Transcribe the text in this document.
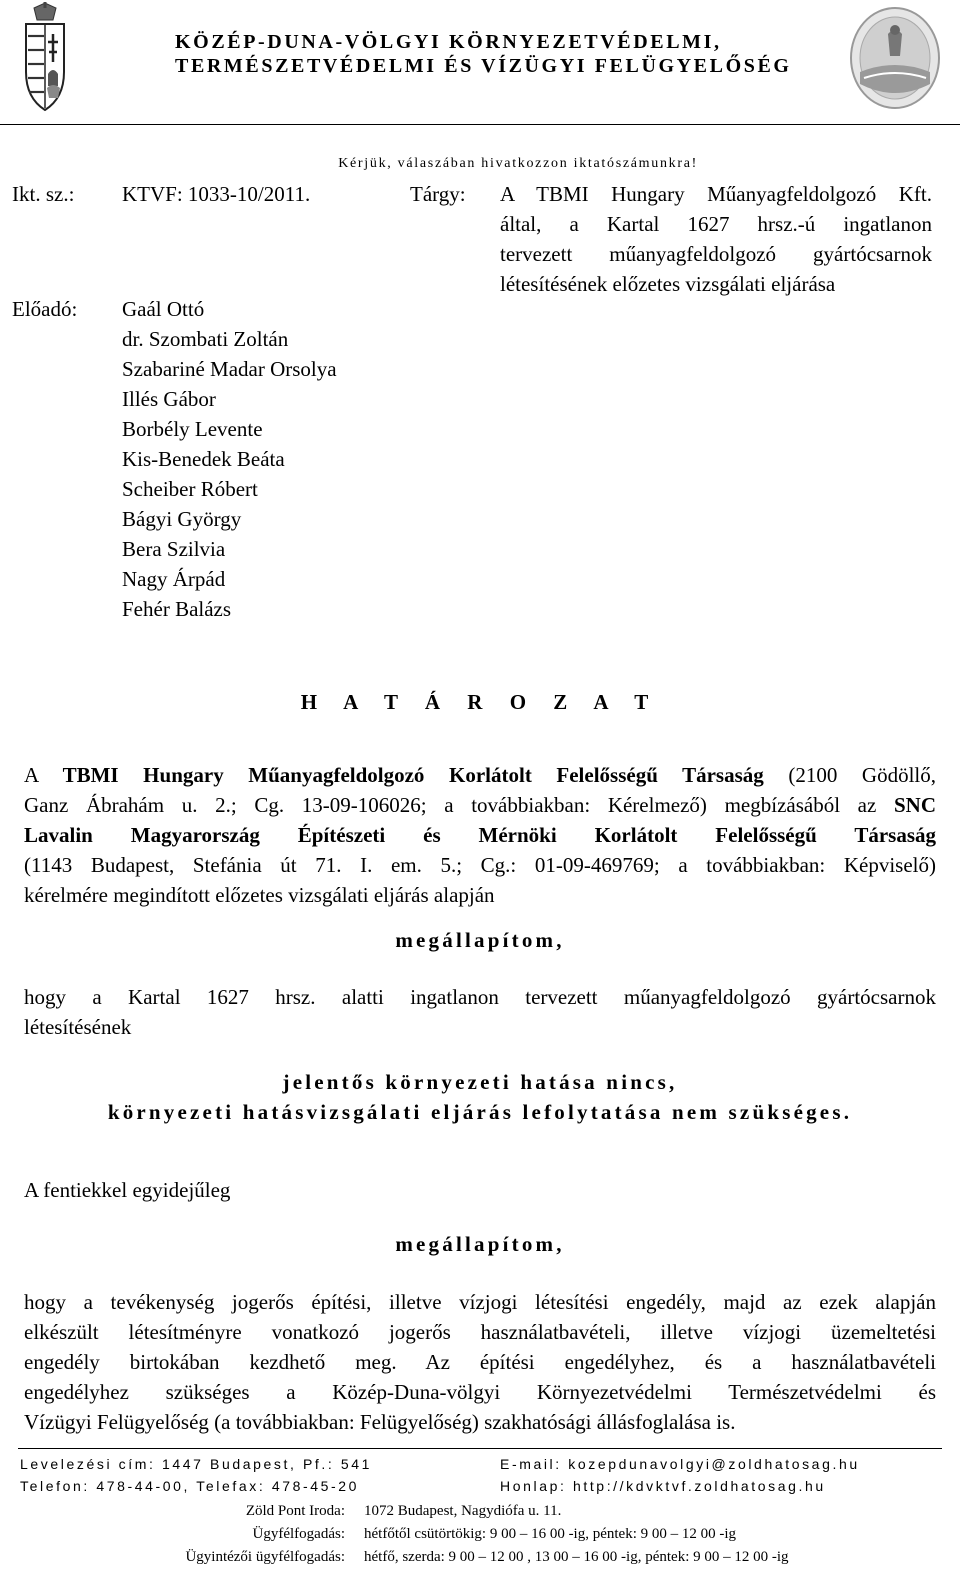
KÖZÉP-DUNA-VÖLGYI KÖRNYEZETVÉDELMI,
TERMÉSZETVÉDELMI ÉS VÍZÜGYI FELÜGYELŐSÉG
Kérjük, válaszában hivatkozzon iktatószámunkra!
Ikt. sz.: KTVF: 1033-10/2011.	Tárgy: A TBMI Hungary Műanyagfeldolgozó Kft.
által, a Kartal 1627 hrsz.-ú ingatlanon
tervezett műanyagfeldolgozó gyártócsarnok
létesítésének előzetes vizsgálati eljárása
Előadó: Gaál Ottó
dr. Szombati Zoltán
Szabariné Madar Orsolya
Illés Gábor
Borbély Levente
Kis-Benedek Beáta
Scheiber Róbert
Bágyi György
Bera Szilvia
Nagy Árpád
Fehér Balázs
H A T Á R O Z A T
A TBMI Hungary Műanyagfeldolgozó Korlátolt Felelősségű Társaság (2100 Gödöllő,
Ganz Ábrahám u. 2.; Cg. 13-09-106026; a továbbiakban: Kérelmező) megbízásából az SNC
Lavalin Magyarország Építészeti és Mérnöki Korlátolt Felelősségű Társaság
(1143 Budapest, Stefánia út 71. I. em. 5.; Cg.: 01-09-469769; a továbbiakban: Képviselő)
kérelmére megindított előzetes vizsgálati eljárás alapján
megállapítom,
hogy a Kartal 1627 hrsz. alatti ingatlanon tervezett műanyagfeldolgozó gyártócsarnok
létesítésének
jelentős környezeti hatása nincs,
környezeti hatásvizsgálati eljárás lefolytatása nem szükséges.
A fentiekkel egyidejűleg
megállapítom,
hogy a tevékenység jogerős építési, illetve vízjogi létesítési engedély, majd az ezek alapján
elkészült létesítményre vonatkozó jogerős használatbavételi, illetve vízjogi üzemeltetési
engedély birtokában kezdhető meg. Az építési engedélyhez, és a használatbavételi
engedélyhez szükséges a Közép-Duna-völgyi Környezetvédelmi Természetvédelmi és
Vízügyi Felügyelőség (a továbbiakban: Felügyelőség) szakhatósági állásfoglalása is.
Levelezési cím: 1447 Budapest, Pf.: 541	E-mail: kozepdunavolgyi@zoldhatosag.hu
Telefon: 478-44-00, Telefax: 478-45-20	Honlap: http://kdvktvf.zoldhatosag.hu
Zöld Pont Iroda: 1072 Budapest, Nagydiófa u. 11.
Ügyfélfogadás: hétfőtől csütörtökig: 9 00 – 16 00 -ig, péntek: 9 00 – 12 00 -ig
Ügyintézői ügyfélfogadás: hétfő, szerda: 9 00 – 12 00 , 13 00 – 16 00 -ig, péntek: 9 00 – 12 00 -ig
